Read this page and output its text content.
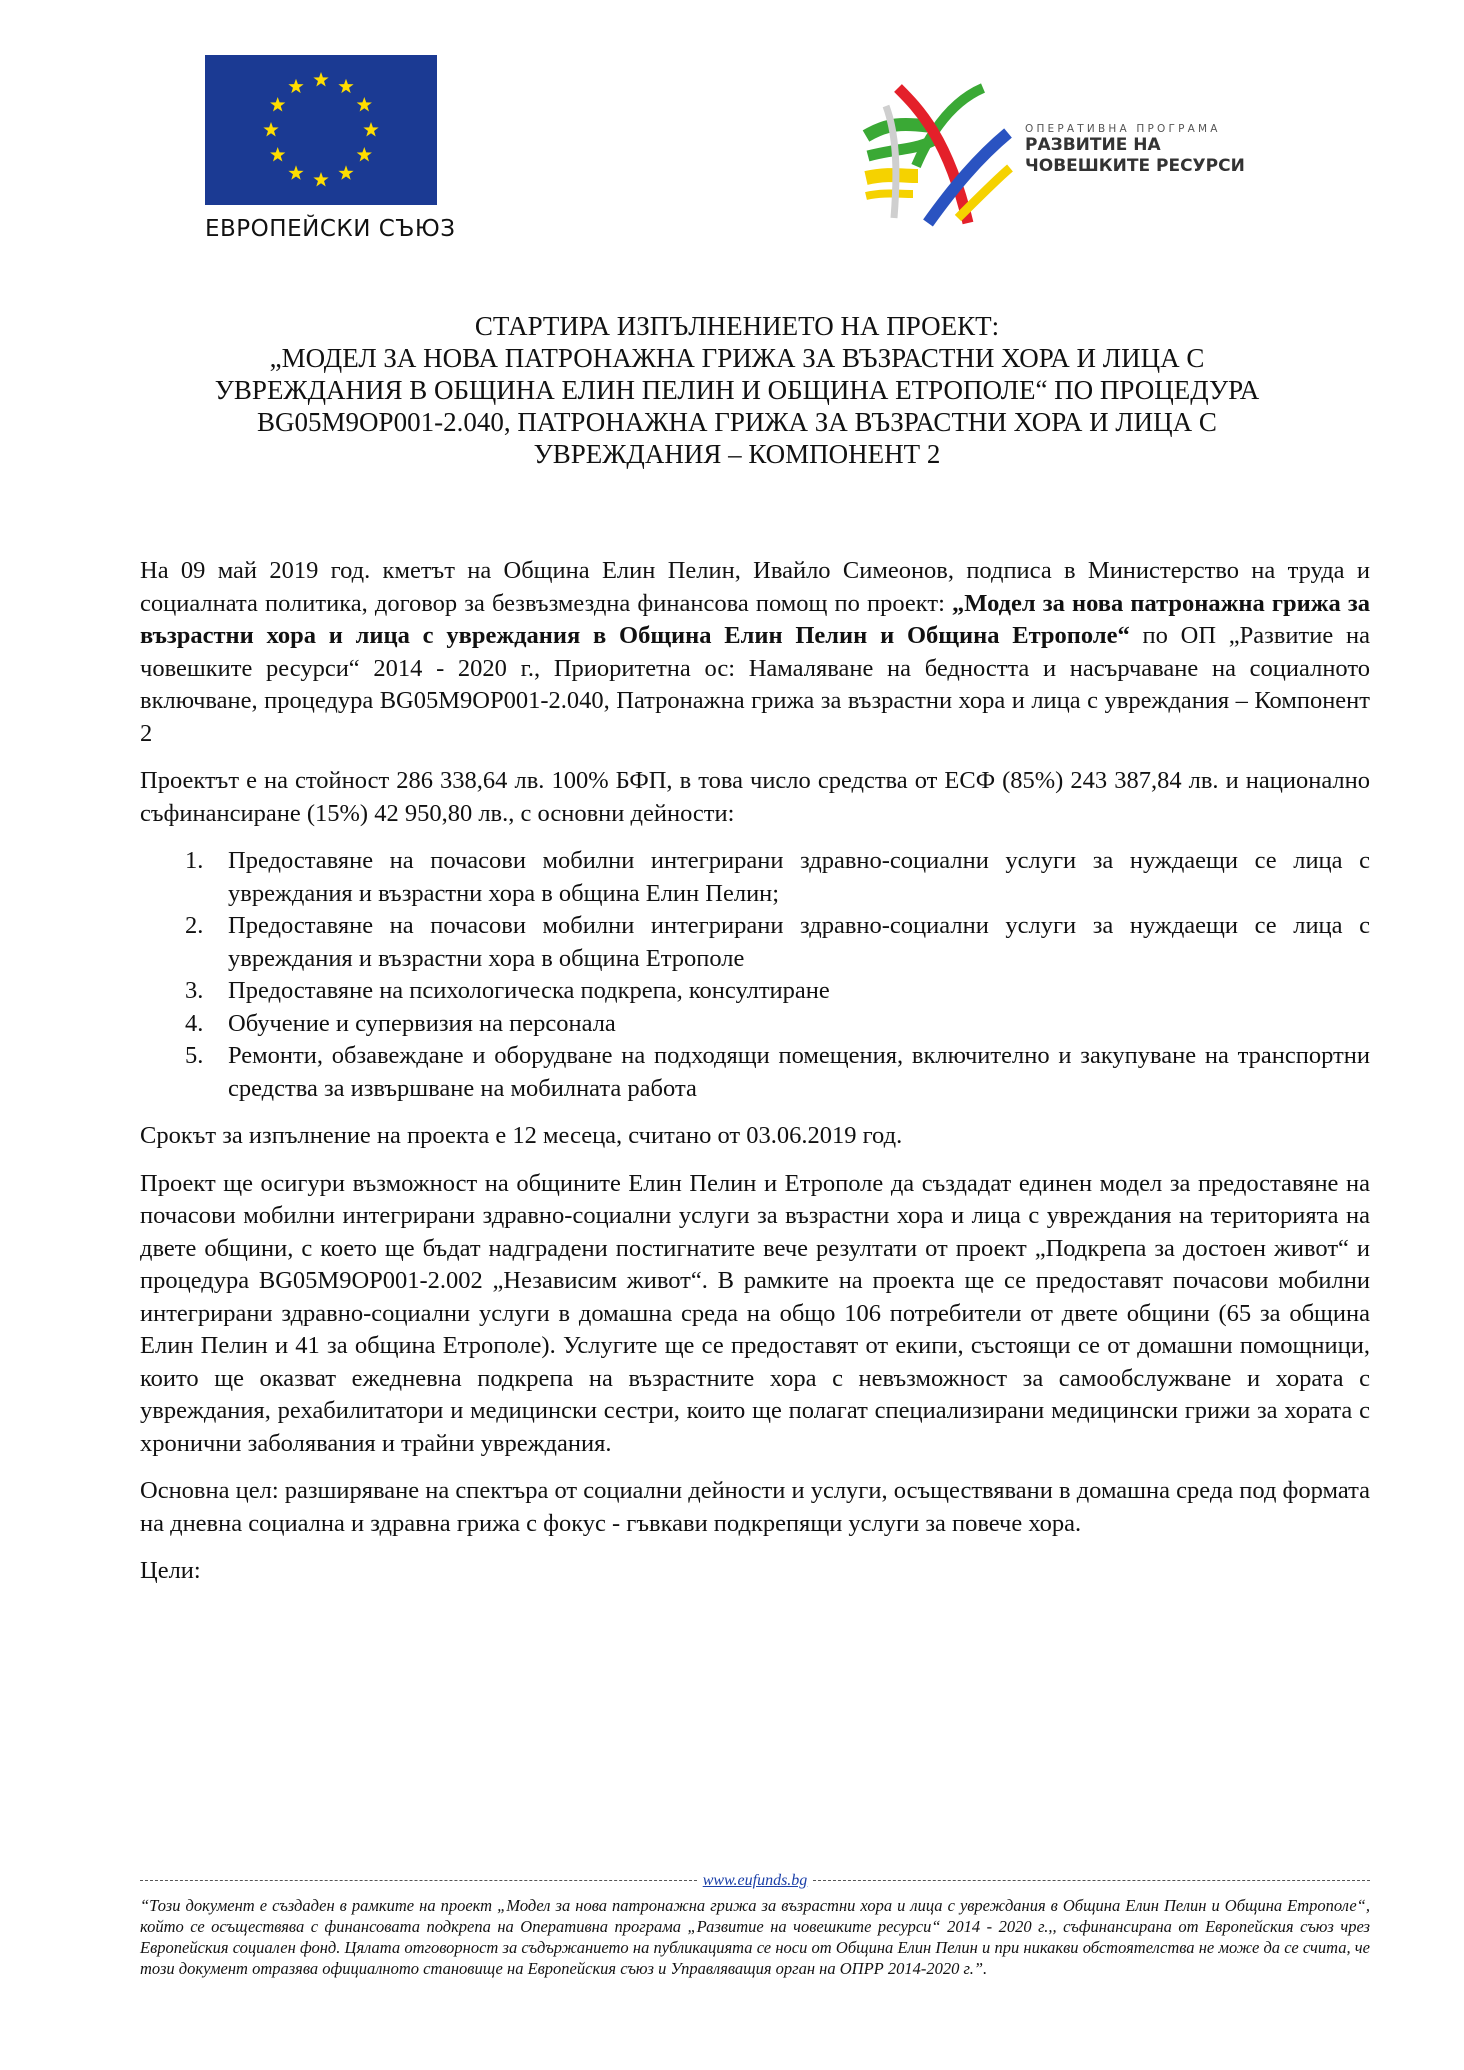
ЕВРОПЕЙСКИ СЪЮЗ
ОПЕРАТИВНА ПРОГРАМА
РАЗВИТИЕ НА
ЧОВЕШКИТЕ РЕСУРСИ
СТАРТИРА ИЗПЪЛНЕНИЕТО НА ПРОЕКТ:
„МОДЕЛ ЗА НОВА ПАТРОНАЖНА ГРИЖА ЗА ВЪЗРАСТНИ ХОРА И ЛИЦА С
УВРЕЖДАНИЯ В ОБЩИНА ЕЛИН ПЕЛИН И ОБЩИНА ЕТРОПОЛЕ“ ПО ПРОЦЕДУРА
BG05M9OP001-2.040, ПАТРОНАЖНА ГРИЖА ЗА ВЪЗРАСТНИ ХОРА И ЛИЦА С
УВРЕЖДАНИЯ – КОМПОНЕНТ 2

На 09 май 2019 год. кметът на Община Елин Пелин, Ивайло Симеонов, подписа в Министерство на труда и социалната политика, договор за безвъзмездна финансова помощ по проект: „Модел за нова патронажна грижа за възрастни хора и лица с увреждания в Община Елин Пелин и Община Етрополе“ по ОП „Развитие на човешките ресурси“ 2014 - 2020 г., Приоритетна ос: Намаляване на бедността и насърчаване на социалното включване, процедура BG05M9OP001-2.040, Патронажна грижа за възрастни хора и лица с увреждания – Компонент 2

Проектът е на стойност 286 338,64 лв. 100% БФП, в това число средства от ЕСФ (85%) 243 387,84 лв. и национално съфинансиране (15%) 42 950,80 лв., с основни дейности:

1. Предоставяне на почасови мобилни интегрирани здравно-социални услуги за нуждаещи се лица с увреждания и възрастни хора в община Елин Пелин;
2. Предоставяне на почасови мобилни интегрирани здравно-социални услуги за нуждаещи се лица с увреждания и възрастни хора в община Етрополе
3. Предоставяне на психологическа подкрепа, консултиране
4. Обучение и супервизия на персонала
5. Ремонти, обзавеждане и оборудване на подходящи помещения, включително и закупуване на транспортни средства за извършване на мобилната работа

Срокът за изпълнение на проекта е 12 месеца, считано от 03.06.2019 год.

Проект ще осигури възможност на общините Елин Пелин и Етрополе да създадат единен модел за предоставяне на почасови мобилни интегрирани здравно-социални услуги за възрастни хора и лица с увреждания на територията на двете общини, с което ще бъдат надградени постигнатите вече резултати от проект „Подкрепа за достоен живот“ и процедура BG05M9OP001-2.002 „Независим живот“. В рамките на проекта ще се предоставят почасови мобилни интегрирани здравно-социални услуги в домашна среда на общо 106 потребители от двете общини (65 за община Елин Пелин и 41 за община Етрополе). Услугите ще се предоставят от екипи, състоящи се от домашни помощници, които ще оказват ежедневна подкрепа на възрастните хора с невъзможност за самообслужване и хората с увреждания, рехабилитатори и медицински сестри, които ще полагат специализирани медицински грижи за хората с хронични заболявания и трайни увреждания.

Основна цел: разширяване на спектъра от социални дейности и услуги, осъществявани в домашна среда под формата на дневна социална и здравна грижа с фокус - гъвкави подкрепящи услуги за повече хора.

Цели:

www.eufunds.bg
“Този документ е създаден в рамките на проект „Модел за нова патронажна грижа за възрастни хора и лица с увреждания в Община Елин Пелин и Община Етрополе“, който се осъществява с финансовата подкрепа на Оперативна програма „Развитие на човешките ресурси“ 2014 - 2020 г.,, съфинансирана от Европейския съюз чрез Европейския социален фонд. Цялата отговорност за съдържанието на публикацията се носи от Община Елин Пелин и при никакви обстоятелства не може да се счита, че този документ отразява официалното становище на Европейския съюз и Управляващия орган на ОПРР 2014-2020 г.”.
